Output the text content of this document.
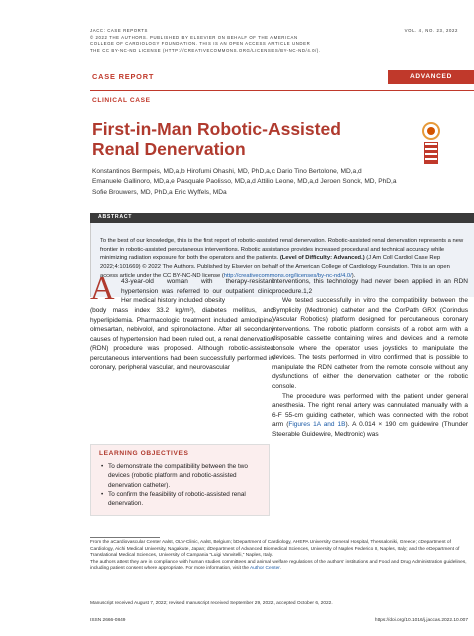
JACC: CASE REPORTS
© 2022 THE AUTHORS. PUBLISHED BY ELSEVIER ON BEHALF OF THE AMERICAN
COLLEGE OF CARDIOLOGY FOUNDATION. THIS IS AN OPEN ACCESS ARTICLE UNDER
THE CC BY-NC-ND LICENSE (HTTP://CREATIVECOMMONS.ORG/LICENSES/BY-NC-ND/4.0/).
VOL. 4, NO. 23, 2022
CASE REPORT	ADVANCED
CLINICAL CASE
First-in-Man Robotic-Assisted
Renal Denervation
Konstantinos Bermpeis, MD,a,b Hirofumi Ohashi, MD, PhD,a,c Dario Tino Bertolone, MD,a,d
Emanuele Gallinoro, MD,a,e Pasquale Paolisso, MD,a,d Attilio Leone, MD,a,d Jeroen Sonck, MD, PhD,a
Sofie Brouwers, MD, PhD,a Eric Wyffels, MDa
ABSTRACT
To the best of our knowledge, this is the first report of robotic-assisted renal denervation. Robotic-assisted renal denervation represents a new frontier in robotic-assisted percutaneous interventions. Robotic assistance provides increased procedural and technical accuracy while minimizing radiation exposure for both the operators and the patients. (Level of Difficulty: Advanced.) (J Am Coll Cardiol Case Rep 2022;4:101669) © 2022 The Authors. Published by Elsevier on behalf of the American College of Cardiology Foundation. This is an open access article under the CC BY-NC-ND license (http://creativecommons.org/licenses/by-nc-nd/4.0/).
A 43-year-old woman with therapy-resistant hypertension was referred to our outpatient clinic. Her medical history included obesity
(body mass index 33.2 kg/m²), diabetes mellitus, and hyperlipidemia. Pharmacologic treatment included amlodipine, olmesartan, nebivolol, and spironolactone. After all secondary causes of hypertension had been ruled out, a renal denervation (RDN) procedure was proposed. Although robotic-assisted percutaneous interventions had been successfully performed in coronary, peripheral vascular, and neurovascular

interventions, this technology had never been applied in an RDN procedure.1,2

We tested successfully in vitro the compatibility between the Symplicity (Medtronic) catheter and the CorPath GRX (Corindus Vascular Robotics) platform designed for percutaneous coronary interventions. The robotic platform consists of a robot arm with a disposable cassette containing wires and devices and a remote console where the operator uses joysticks to manipulate the devices. The tests performed in vitro confirmed that is possible to manipulate the RDN catheter from the remote console without any dysfunctions of either the denervation catheter or the robotic console.

The procedure was performed with the patient under general anesthesia. The right renal artery was cannulated manually with a 6-F 55-cm guiding catheter, which was connected with the robot arm (Figures 1A and 1B). A 0.014 × 190 cm guidewire (Thunder Steerable Guidewire, Medtronic) was

LEARNING OBJECTIVES
• To demonstrate the compatibility between the two devices (robotic platform and robotic-assisted denervation catheter).
• To confirm the feasibility of robotic-assisted renal denervation.

From the aCardiovascular Center Aalst, OLV-Clinic, Aalst, Belgium; bDepartment of Cardiology, AHEPA University General Hospital, Thessaloniki, Greece; cDepartment of Cardiology, Aichi Medical University, Nagakute, Japan; dDepartment of Advanced Biomedical Sciences, University of Naples Federico II, Naples, Italy; and the eDepartment of Translational Medical Sciences, University of Campania “Luigi Vanvitelli,” Naples, Italy.

The authors attest they are in compliance with human studies committees and animal welfare regulations of the authors’ institutions and Food and Drug Administration guidelines, including patient consent where appropriate. For more information, visit the Author Center.

Manuscript received August 7, 2022; revised manuscript received September 29, 2022, accepted October 6, 2022.
ISSN 2666-0849	https://doi.org/10.1016/j.jaccas.2022.10.007
